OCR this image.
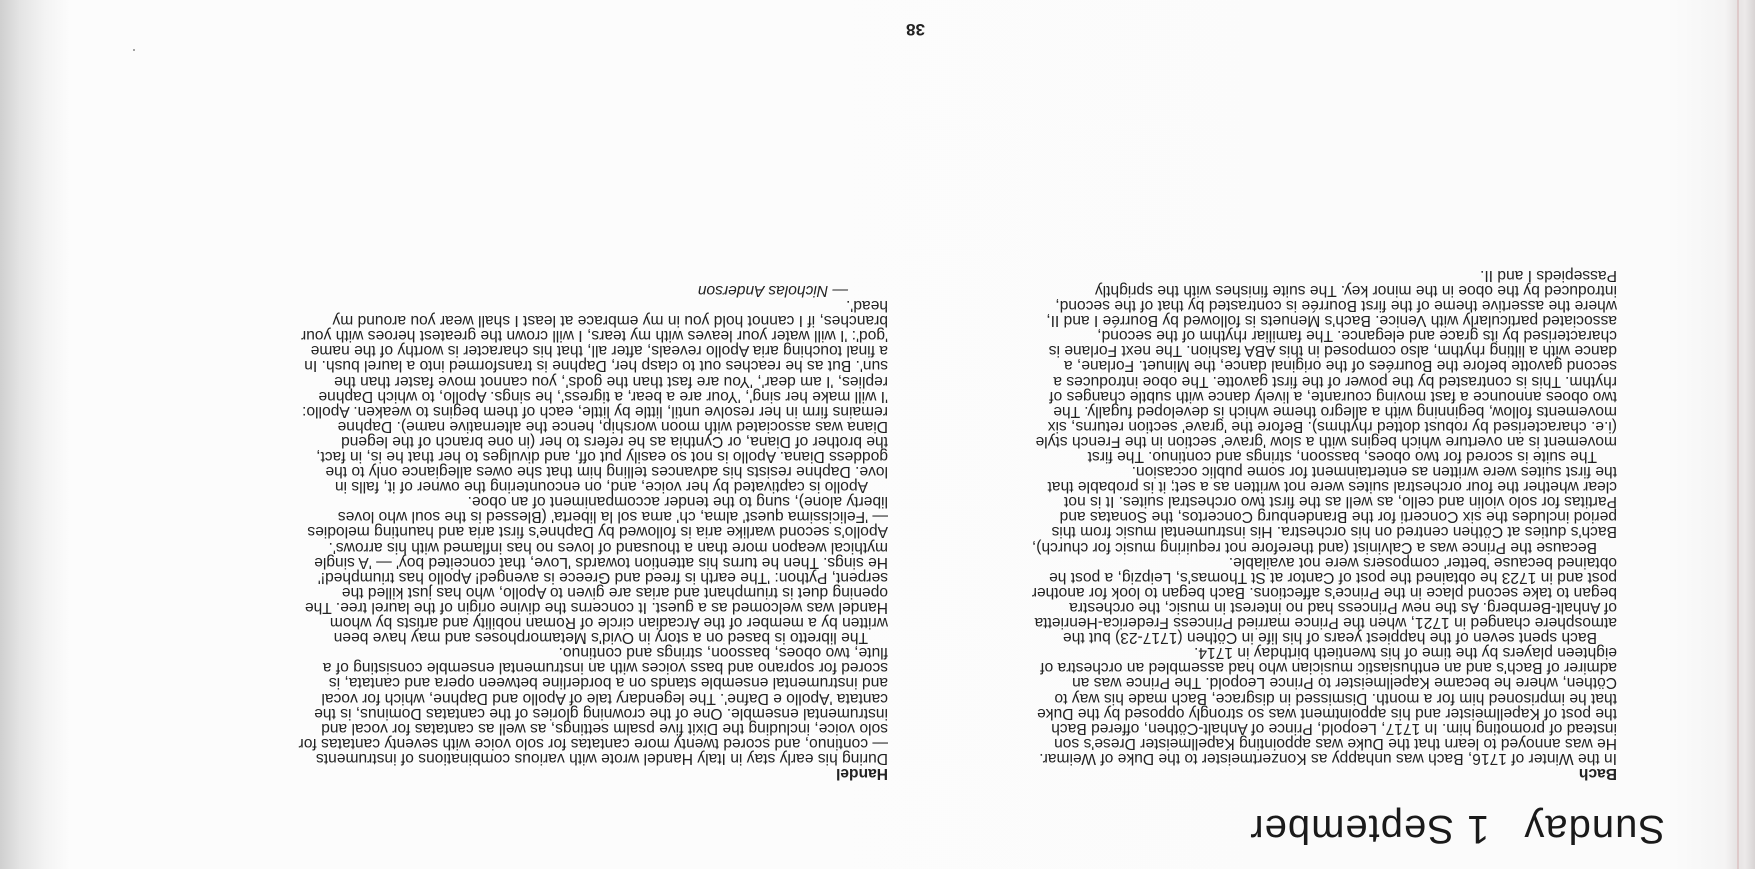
Sunday1 September

Bach

In the Winter of 1716, Bach was unhappy as Konzertmeister to the Duke of Weimar. He was annoyed to learn that the Duke was appointing Kapellmeister Drese's son instead of promoting him. In 1717, Leopold, Prince of Anhalt-Cöthen, offered Bach the post of Kapellmeister and his appointment was so strongly opposed by the Duke that he imprisoned him for a month. Dismissed in disgrace, Bach made his way to Cöthen, where he became Kapellmeister to Prince Leopold. The Prince was an admirer of Bach's and an enthusiastic musician who had assembled an orchestra of eighteen players by the time of his twentieth birthday in 1714.

Bach spent seven of the happiest years of his life in Cöthen (1717-23) but the atmosphere changed in 1721, when the Prince married Princess Frederica-Henrietta of Anhalt-Bernberg. As the new Princess had no interest in music, the orchestra began to take second place in the Prince's affections. Bach began to look for another post and in 1723 he obtained the post of Cantor at St Thomas's, Leipzig, a post he obtained because 'better' composers were not available.

Because the Prince was a Calvinist (and therefore not requiring music for church), Bach's duties at Cöthen centred on his orchestra. His instrumental music from this period includes the six Concerti for the Brandenburg Concertos, the Sonatas and Partitas for solo violin and cello, as well as the first two orchestral suites. It is not clear whether the four orchestral suites were not written as a set; it is probable that the first suites were written as entertainment for some public occasion.

The suite is scored for two oboes, bassoon, strings and continuo. The first movement is an overture which begins with a slow 'grave' section in the French style (i.e. characterised by robust dotted rhythms). Before the 'grave' section returns, six movements follow, beginning with a allegro theme which is developed fugally. The two oboes announce a fast moving courante, a lively dance with subtle changes of rhythm. This is contrasted by the power of the first gavotte. The oboe introduces a second gavotte before the Bourrées of the original dance, the Minuet. Forlane, a dance with a lilting rhythm, also composed in this ABA fashion. The next Forlane is characterised by its grace and elegance. The familiar rhythm of the second, associated particularly with Venice. Bach's Menuets is followed by Bourrée I and II, where the assertive theme of the first Bourrée is contrasted by that of the second, introduced by the oboe in the minor key. The suite finishes with the sprightly Passepieds I and II.

Handel

During his early stay in Italy Handel wrote with various combinations of instruments — continuo, and scored twenty more cantatas for solo voice with seventy cantatas for solo voice, including the Dixit five psalm settings, as well as cantatas for vocal and instrumental ensemble. One of the crowning glories of the cantatas Dominus, is the cantata 'Apollo e Dafne'. The legendary tale of Apollo and Daphne, which for vocal and instrumental ensemble stands on a borderline between opera and cantata, is scored for soprano and bass voices with an instrumental ensemble consisting of a flute, two oboes, bassoon, strings and continuo.

The libretto is based on a story in Ovid's Metamorphoses and may have been written by a member of the Arcadian circle of Roman nobility and artists by whom Handel was welcomed as a guest. It concerns the divine origin of the laurel tree. The opening duet is triumphant and arias are given to Apollo, who has just killed the serpent, Python: 'The earth is freed and Greece is avenged! Apollo has triumphed!' He sings. Then he turns his attention towards 'Love, that conceited boy' — 'A single mythical weapon more than a thousand of loves no has inflamed with his arrows'. Apollo's second warlike aria is followed by Daphne's first aria and haunting melodies — 'Felicissima quest' alma, ch' ama sol la liberta' (Blessed is the soul who loves liberty alone), sung to the tender accompaniment of an oboe.

Apollo is captivated by her voice, and, on encountering the owner of it, falls in love. Daphne resists his advances telling him that she owes allegiance only to the goddess Diana. Apollo is not so easily put off, and divulges to her that he is, in fact, the brother of Diana, or Cynthia as he refers to her (in one branch of the legend Diana was associated with moon worship, hence the alternative name). Daphne remains firm in her resolve until, little by little, each of them begins to weaken. Apollo: 'I will make her sing', 'Your are a bear, a tigress', he sings. Apollo, to which Daphne replies, 'I am dear', 'You are fast than the gods', you cannot move faster than the sun'. But as he reaches out to clasp her, Daphne is transformed into a laurel bush. In a final touching aria Apollo reveals, after all, that his character is worthy of the name 'god': 'I will water your leaves with my tears, I will crown the greatest heroes with your branches, if I cannot hold you in my embrace at least I shall wear you around my head'.

— Nicholas Anderson

38
